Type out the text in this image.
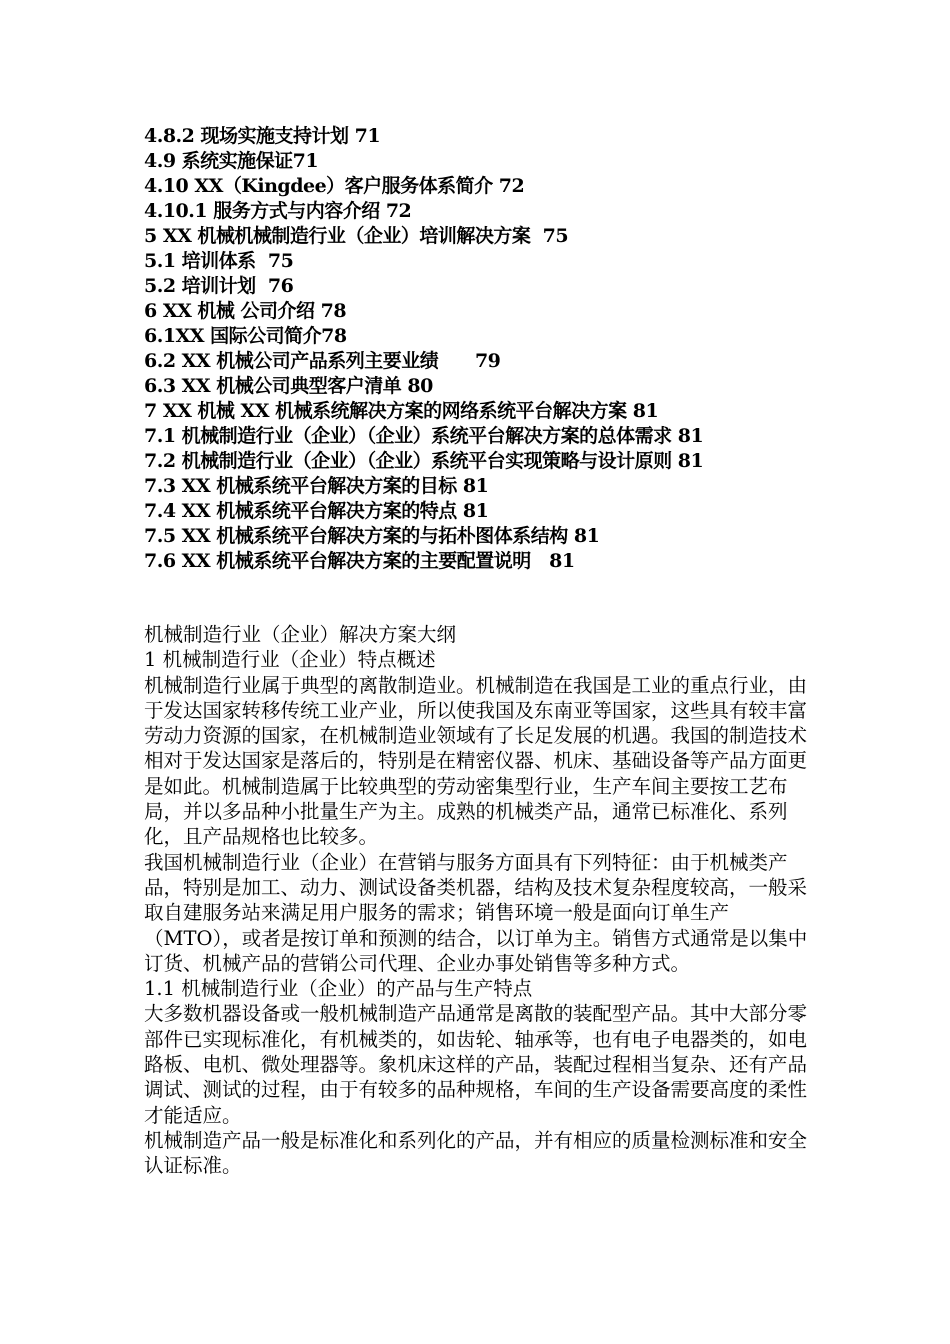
4.8.2 现场实施支持计划 71
4.9 系统实施保证71
4.10 XX（Kingdee）客户服务体系简介 72
4.10.1 服务方式与内容介绍 72
5 XX 机械机械制造行业（企业）培训解决方案  75
5.1 培训体系  75
5.2 培训计划  76
6 XX 机械 公司介绍 78
6.1XX 国际公司简介78
6.2 XX 机械公司产品系列主要业绩      79
6.3 XX 机械公司典型客户清单 80
7 XX 机械 XX 机械系统解决方案的网络系统平台解决方案 81
7.1 机械制造行业（企业）（企业）系统平台解决方案的总体需求 81
7.2 机械制造行业（企业）（企业）系统平台实现策略与设计原则 81
7.3 XX 机械系统平台解决方案的目标 81
7.4 XX 机械系统平台解决方案的特点 81
7.5 XX 机械系统平台解决方案的与拓朴图体系结构 81
7.6 XX 机械系统平台解决方案的主要配置说明   81

机械制造行业（企业）解决方案大纲

1 机械制造行业（企业）特点概述

机械制造行业属于典型的离散制造业。机械制造在我国是工业的重点行业，由于发达国家转移传统工业产业，所以使我国及东南亚等国家，这些具有较丰富劳动力资源的国家，在机械制造业领域有了长足发展的机遇。我国的制造技术相对于发达国家是落后的，特别是在精密仪器、机床、基础设备等产品方面更是如此。机械制造属于比较典型的劳动密集型行业，生产车间主要按工艺布局，并以多品种小批量生产为主。成熟的机械类产品，通常已标准化、系列化，且产品规格也比较多。

我国机械制造行业（企业）在营销与服务方面具有下列特征：由于机械类产品，特别是加工、动力、测试设备类机器，结构及技术复杂程度较高，一般采取自建服务站来满足用户服务的需求；销售环境一般是面向订单生产（MTO），或者是按订单和预测的结合，以订单为主。销售方式通常是以集中订货、机械产品的营销公司代理、企业办事处销售等多种方式。

1.1 机械制造行业（企业）的产品与生产特点

大多数机器设备或一般机械制造产品通常是离散的装配型产品。其中大部分零部件已实现标准化，有机械类的，如齿轮、轴承等，也有电子电器类的，如电路板、电机、微处理器等。象机床这样的产品，装配过程相当复杂、还有产品调试、测试的过程，由于有较多的品种规格，车间的生产设备需要高度的柔性才能适应。

机械制造产品一般是标准化和系列化的产品，并有相应的质量检测标准和安全认证标准。
